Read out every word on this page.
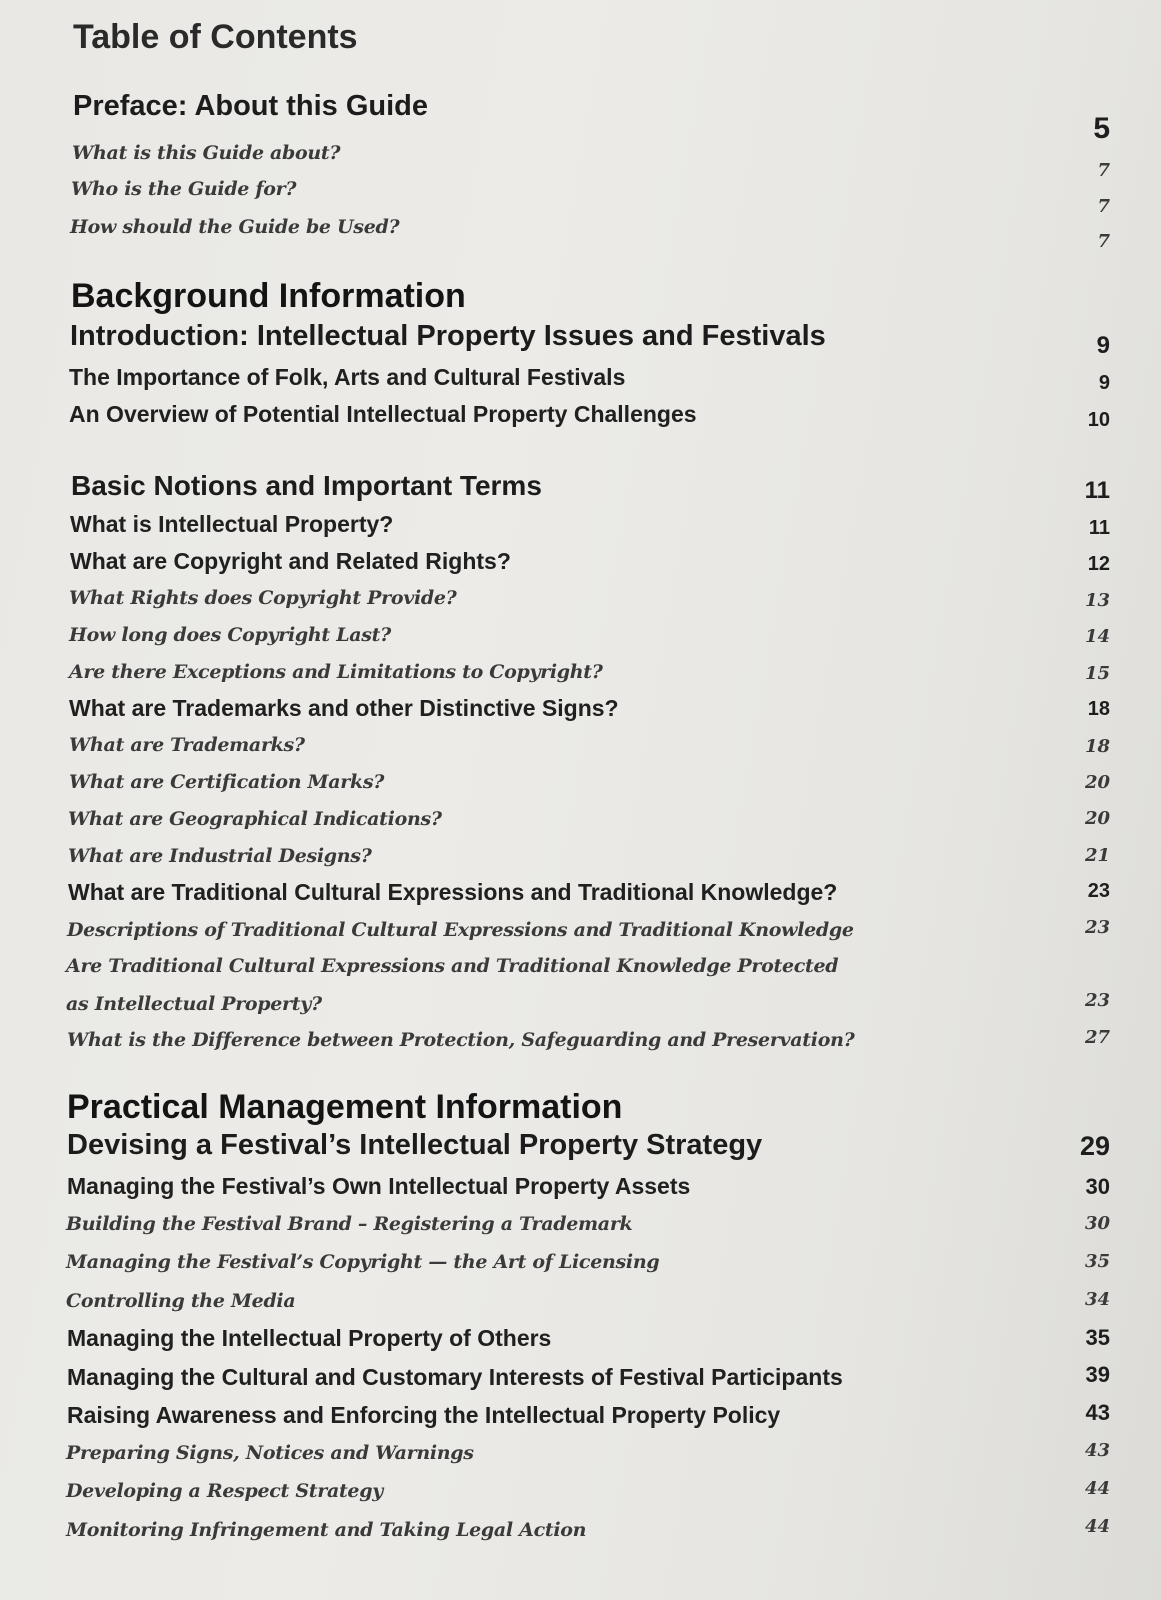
Table of Contents
Preface: About this Guide
5
What is this Guide about?
7
Who is the Guide for?
7
How should the Guide be Used?
7
Background Information
Introduction: Intellectual Property Issues and Festivals	9
The Importance of Folk, Arts and Cultural Festivals	9
An Overview of Potential Intellectual Property Challenges	10
Basic Notions and Important Terms	11
What is Intellectual Property?	11
What are Copyright and Related Rights?	12
What Rights does Copyright Provide?	13
How long does Copyright Last?	14
Are there Exceptions and Limitations to Copyright?	15
What are Trademarks and other Distinctive Signs?	18
What are Trademarks?	18
What are Certification Marks?	20
What are Geographical Indications?	20
What are Industrial Designs?	21
What are Traditional Cultural Expressions and Traditional Knowledge?	23
Descriptions of Traditional Cultural Expressions and Traditional Knowledge	23
Are Traditional Cultural Expressions and Traditional Knowledge Protected
as Intellectual Property?	23
What is the Difference between Protection, Safeguarding and Preservation?	27
Practical Management Information
Devising a Festival’s Intellectual Property Strategy	29
Managing the Festival’s Own Intellectual Property Assets	30
Building the Festival Brand – Registering a Trademark	30
Managing the Festival’s Copyright — the Art of Licensing	35
Controlling the Media	34
Managing the Intellectual Property of Others	35
Managing the Cultural and Customary Interests of Festival Participants	39
Raising Awareness and Enforcing the Intellectual Property Policy	43
Preparing Signs, Notices and Warnings	43
Developing a Respect Strategy	44
Monitoring Infringement and Taking Legal Action	44
